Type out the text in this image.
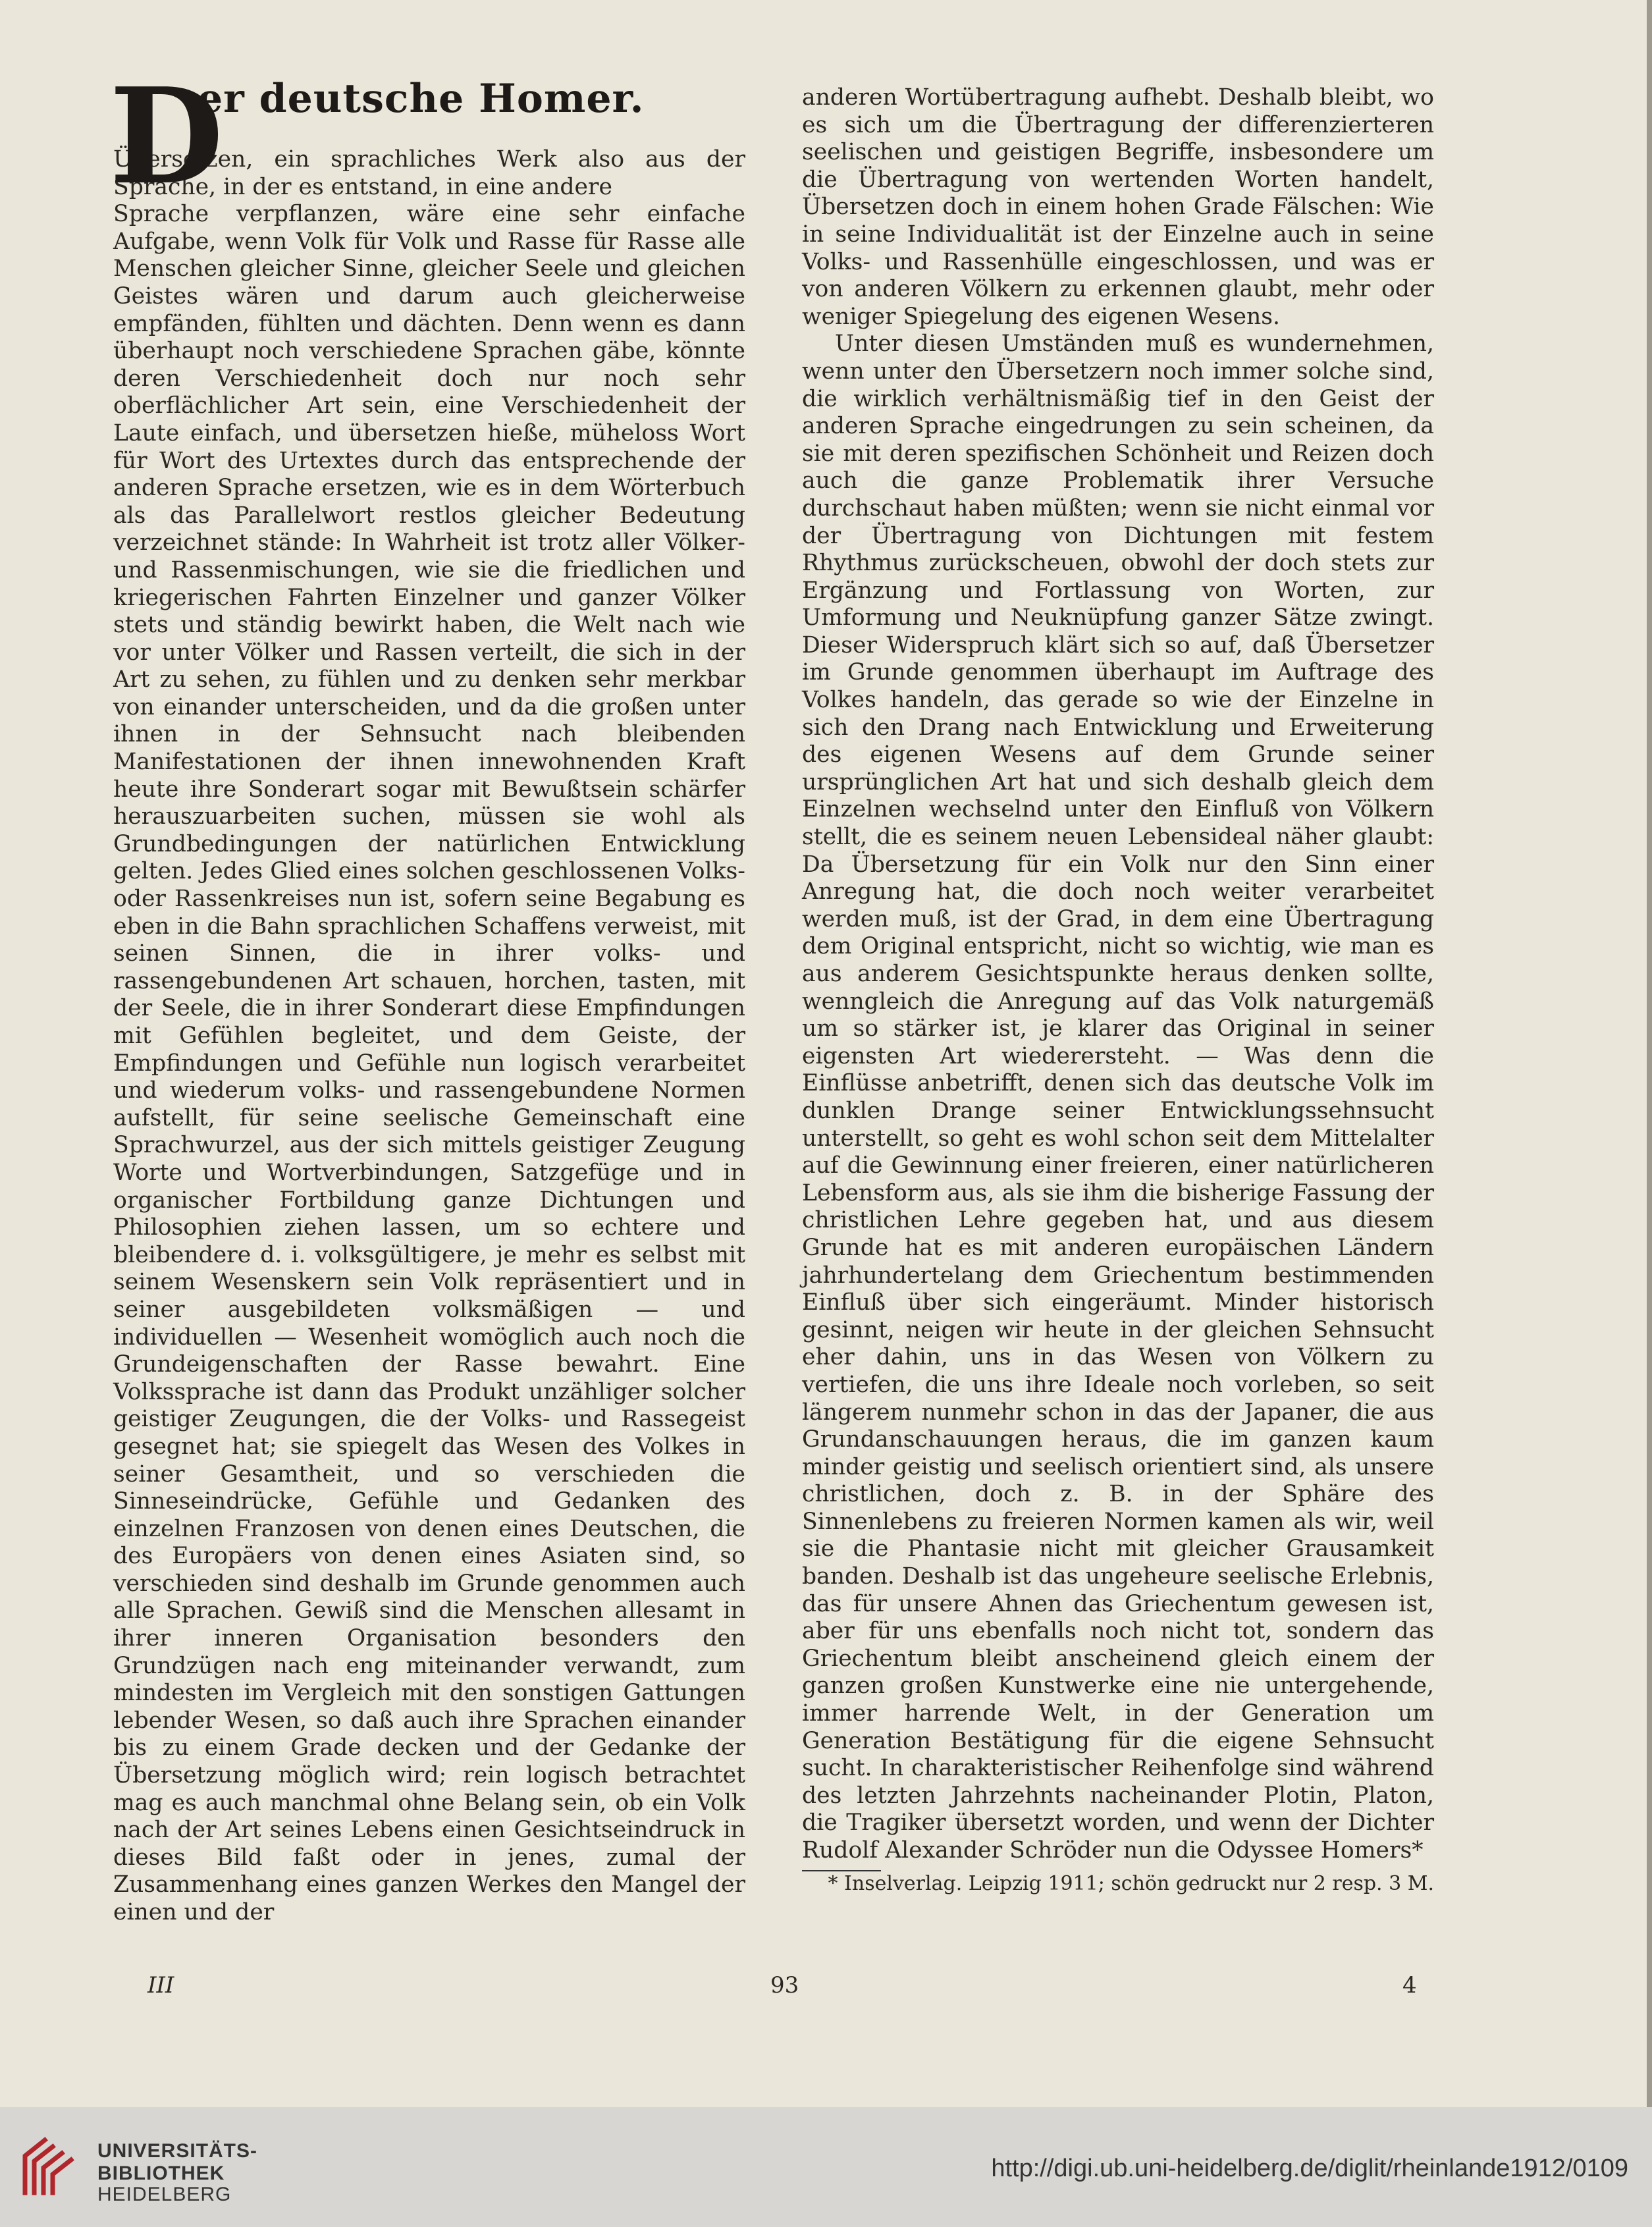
D
er deutsche Homer.

Übersetzen, ein sprachliches Werk also aus der Sprache, in der es entstand, in eine andere

Sprache verpflanzen, wäre eine sehr einfache Aufgabe, wenn Volk für Volk und Rasse für Rasse alle Menschen gleicher Sinne, gleicher Seele und gleichen Geistes wären und darum auch gleicherweise empfänden, fühlten und dächten. Denn wenn es dann überhaupt noch verschiedene Sprachen gäbe, könnte deren Verschiedenheit doch nur noch sehr oberflächlicher Art sein, eine Verschiedenheit der Laute einfach, und übersetzen hieße, müheloss Wort für Wort des Urtextes durch das entsprechende der anderen Sprache ersetzen, wie es in dem Wörterbuch als das Parallelwort restlos gleicher Bedeutung verzeichnet stände: In Wahrheit ist trotz aller Völker- und Rassenmischungen, wie sie die friedlichen und kriegerischen Fahrten Einzelner und ganzer Völker stets und ständig bewirkt haben, die Welt nach wie vor unter Völker und Rassen verteilt, die sich in der Art zu sehen, zu fühlen und zu denken sehr merkbar von einander unterscheiden, und da die großen unter ihnen in der Sehnsucht nach bleibenden Manifestationen der ihnen innewohnenden Kraft heute ihre Sonderart sogar mit Bewußtsein schärfer herauszuarbeiten suchen, müssen sie wohl als Grundbedingungen der natürlichen Entwicklung gelten. Jedes Glied eines solchen geschlossenen Volks- oder Rassenkreises nun ist, sofern seine Begabung es eben in die Bahn sprachlichen Schaffens verweist, mit seinen Sinnen, die in ihrer volks- und rassengebundenen Art schauen, horchen, tasten, mit der Seele, die in ihrer Sonderart diese Empfindungen mit Gefühlen begleitet, und dem Geiste, der Empfindungen und Gefühle nun logisch verarbeitet und wiederum volks- und rassengebundene Normen aufstellt, für seine seelische Gemeinschaft eine Sprachwurzel, aus der sich mittels geistiger Zeugung Worte und Wortverbindungen, Satzgefüge und in organischer Fortbildung ganze Dichtungen und Philosophien ziehen lassen, um so echtere und bleibendere d. i. volksgültigere, je mehr es selbst mit seinem Wesenskern sein Volk repräsentiert und in seiner ausgebildeten volksmäßigen — und individuellen — Wesenheit womöglich auch noch die Grundeigenschaften der Rasse bewahrt. Eine Volkssprache ist dann das Produkt unzähliger solcher geistiger Zeugungen, die der Volks- und Rassegeist gesegnet hat; sie spiegelt das Wesen des Volkes in seiner Gesamtheit, und so verschieden die Sinneseindrücke, Gefühle und Gedanken des einzelnen Franzosen von denen eines Deutschen, die des Europäers von denen eines Asiaten sind, so verschieden sind deshalb im Grunde genommen auch alle Sprachen. Gewiß sind die Menschen allesamt in ihrer inneren Organisation besonders den Grundzügen nach eng miteinander verwandt, zum mindesten im Vergleich mit den sonstigen Gattungen lebender Wesen, so daß auch ihre Sprachen einander bis zu einem Grade decken und der Gedanke der Übersetzung möglich wird; rein logisch betrachtet mag es auch manchmal ohne Belang sein, ob ein Volk nach der Art seines Lebens einen Gesichtseindruck in dieses Bild faßt oder in jenes, zumal der Zusammenhang eines ganzen Werkes den Mangel der einen und der

anderen Wortübertragung aufhebt. Deshalb bleibt, wo es sich um die Übertragung der differenzierteren seelischen und geistigen Begriffe, insbesondere um die Übertragung von wertenden Worten handelt, Übersetzen doch in einem hohen Grade Fälschen: Wie in seine Individualität ist der Einzelne auch in seine Volks- und Rassenhülle eingeschlossen, und was er von anderen Völkern zu erkennen glaubt, mehr oder weniger Spiegelung des eigenen Wesens.

Unter diesen Umständen muß es wundernehmen, wenn unter den Übersetzern noch immer solche sind, die wirklich verhältnismäßig tief in den Geist der anderen Sprache eingedrungen zu sein scheinen, da sie mit deren spezifischen Schönheit und Reizen doch auch die ganze Problematik ihrer Versuche durchschaut haben müßten; wenn sie nicht einmal vor der Übertragung von Dichtungen mit festem Rhythmus zurückscheuen, obwohl der doch stets zur Ergänzung und Fortlassung von Worten, zur Umformung und Neuknüpfung ganzer Sätze zwingt. Dieser Widerspruch klärt sich so auf, daß Übersetzer im Grunde genommen überhaupt im Auftrage des Volkes handeln, das gerade so wie der Einzelne in sich den Drang nach Entwicklung und Erweiterung des eigenen Wesens auf dem Grunde seiner ursprünglichen Art hat und sich deshalb gleich dem Einzelnen wechselnd unter den Einfluß von Völkern stellt, die es seinem neuen Lebensideal näher glaubt: Da Übersetzung für ein Volk nur den Sinn einer Anregung hat, die doch noch weiter verarbeitet werden muß, ist der Grad, in dem eine Übertragung dem Original entspricht, nicht so wichtig, wie man es aus anderem Gesichtspunkte heraus denken sollte, wenngleich die Anregung auf das Volk naturgemäß um so stärker ist, je klarer das Original in seiner eigensten Art wiederersteht. — Was denn die Einflüsse anbetrifft, denen sich das deutsche Volk im dunklen Drange seiner Entwicklungssehnsucht unterstellt, so geht es wohl schon seit dem Mittelalter auf die Gewinnung einer freieren, einer natürlicheren Lebensform aus, als sie ihm die bisherige Fassung der christlichen Lehre gegeben hat, und aus diesem Grunde hat es mit anderen europäischen Ländern jahrhundertelang dem Griechentum bestimmenden Einfluß über sich eingeräumt. Minder historisch gesinnt, neigen wir heute in der gleichen Sehnsucht eher dahin, uns in das Wesen von Völkern zu vertiefen, die uns ihre Ideale noch vorleben, so seit längerem nunmehr schon in das der Japaner, die aus Grundanschauungen heraus, die im ganzen kaum minder geistig und seelisch orientiert sind, als unsere christlichen, doch z. B. in der Sphäre des Sinnenlebens zu freieren Normen kamen als wir, weil sie die Phantasie nicht mit gleicher Grausamkeit banden. Deshalb ist das ungeheure seelische Erlebnis, das für unsere Ahnen das Griechentum gewesen ist, aber für uns ebenfalls noch nicht tot, sondern das Griechentum bleibt anscheinend gleich einem der ganzen großen Kunstwerke eine nie untergehende, immer harrende Welt, in der Generation um Generation Bestätigung für die eigene Sehnsucht sucht. In charakteristischer Reihenfolge sind während des letzten Jahrzehnts nacheinander Plotin, Platon, die Tragiker übersetzt worden, und wenn der Dichter Rudolf Alexander Schröder nun die Odyssee Homers*

* Inselverlag. Leipzig 1911; schön gedruckt nur 2 resp. 3 M.

III	93	4
UNIVERSITÄTS-
BIBLIOTHEK
HEIDELBERG
http://digi.ub.uni-heidelberg.de/diglit/rheinlande1912/0109
